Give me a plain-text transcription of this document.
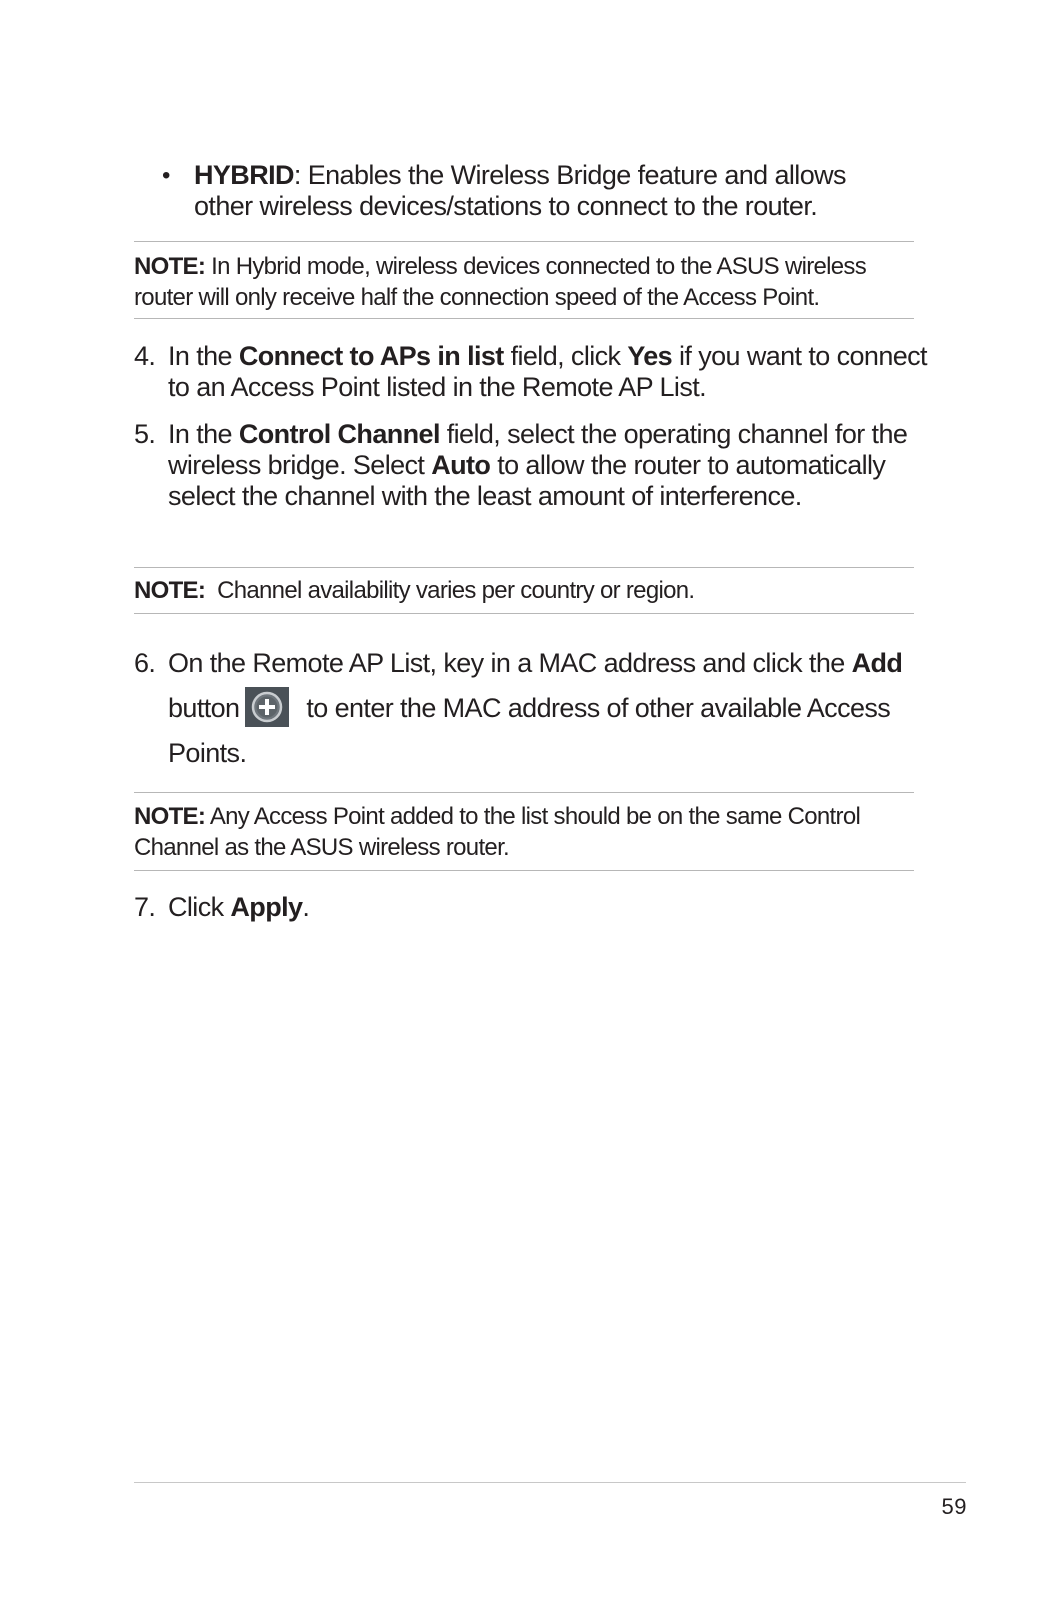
• HYBRID: Enables the Wireless Bridge feature and allows other wireless devices/stations to connect to the router.
NOTE: In Hybrid mode, wireless devices connected to the ASUS wireless router will only receive half the connection speed of the Access Point.
4. In the Connect to APs in list field, click Yes if you want to connect to an Access Point listed in the Remote AP List.
5. In the Control Channel field, select the operating channel for the wireless bridge. Select Auto to allow the router to automatically select the channel with the least amount of interference.
NOTE:  Channel availability varies per country or region.
6. On the Remote AP List, key in a MAC address and click the Add button
to enter the MAC address of other available Access Points.
NOTE: Any Access Point added to the list should be on the same Control Channel as the ASUS wireless router.
7. Click Apply.
59
